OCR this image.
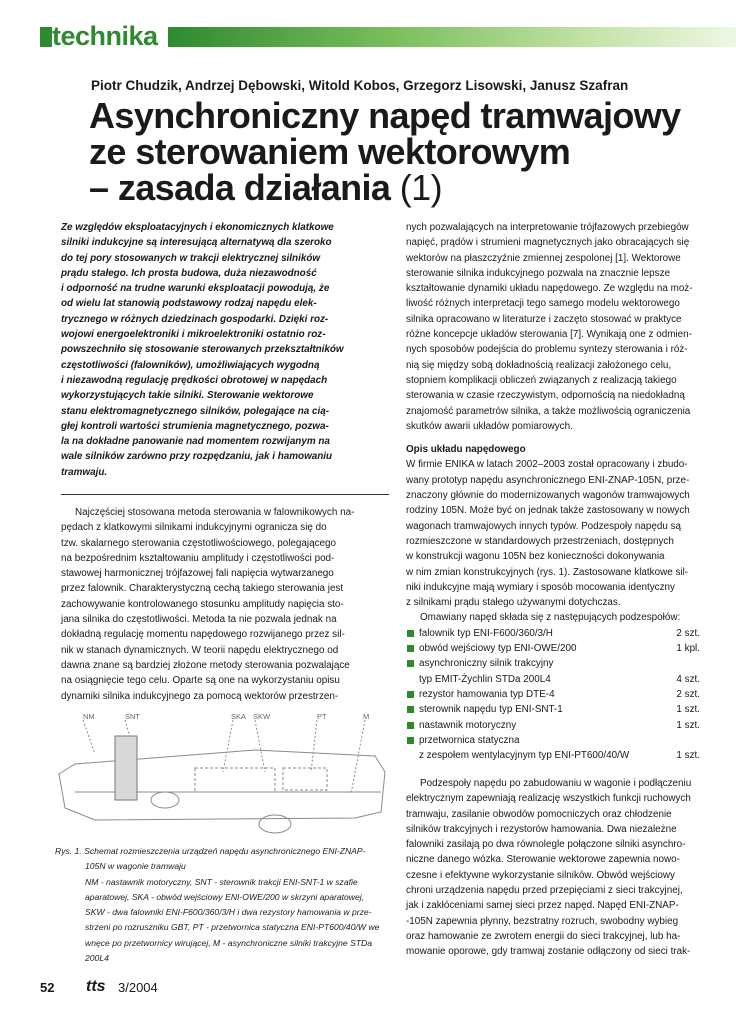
technika
Piotr Chudzik, Andrzej Dębowski, Witold Kobos, Grzegorz Lisowski, Janusz Szafran
Asynchroniczny napęd tramwajowy
ze sterowaniem wektorowym
– zasada działania (1)
Ze względów eksploatacyjnych i ekonomicznych klatkowe
silniki indukcyjne są interesującą alternatywą dla szeroko
do tej pory stosowanych w trakcji elektrycznej silników
prądu stałego. Ich prosta budowa, duża niezawodność
i odporność na trudne warunki eksploatacji powodują, że
od wielu lat stanowią podstawowy rodzaj napędu elek-
trycznego w różnych dziedzinach gospodarki. Dzięki roz-
wojowi energoelektroniki i mikroelektroniki ostatnio roz-
powszechniło się stosowanie sterowanych przekształtników
częstotliwości (falowników), umożliwiających wygodną
i niezawodną regulację prędkości obrotowej w napędach
wykorzystujących takie silniki. Sterowanie wektorowe
stanu elektromagnetycznego silników, polegające na cią-
głej kontroli wartości strumienia magnetycznego, pozwa-
la na dokładne panowanie nad momentem rozwijanym na
wale silników zarówno przy rozpędzaniu, jak i hamowaniu
tramwaju.
Najczęściej stosowana metoda sterowania w falownikowych na-
pędach z klatkowymi silnikami indukcyjnymi ogranicza się do
tzw. skalarnego sterowania częstotliwościowego, polegającego
na bezpośrednim kształtowaniu amplitudy i częstotliwości pod-
stawowej harmonicznej trójfazowej fali napięcia wytwarzanego
przez falownik. Charakterystyczną cechą takiego sterowania jest
zachowywanie kontrolowanego stosunku amplitudy napięcia sto-
jana silnika do częstotliwości. Metoda ta nie pozwala jednak na
dokładną regulację momentu napędowego rozwijanego przez sil-
nik w stanach dynamicznych. W teorii napędu elektrycznego od
dawna znane są bardziej złożone metody sterowania pozwalające
na osiągnięcie tego celu. Oparte są one na wykorzystaniu opisu
dynamiki silnika indukcyjnego za pomocą wektorów przestrzen-
NM	SNT	SKA SKW	PT	M
Rys. 1. Schemat rozmieszczenia urządzeń napędu asynchronicznego ENI-ZNAP-
105N w wagonie tramwaju
NM - nastawnik motoryczny, SNT - sterownik trakcji ENI-SNT-1 w szafie
aparatowej, SKA - obwód wejściowy ENI-OWE/200 w skrzyni aparatowej,
SKW - dwa falowniki ENI-F600/360/3/H i dwa rezystory hamowania w prze-
strzeni po rozruszniku GBT, PT - przetwornica statyczna ENI-PT600/40/W we
wnęce po przetwornicy wirującej, M - asynchroniczne silniki trakcyjne STDa
200L4
nych pozwalających na interpretowanie trójfazowych przebiegów
napięć, prądów i strumieni magnetycznych jako obracających się
wektorów na płaszczyźnie zmiennej zespolonej [1]. Wektorowe
sterowanie silnika indukcyjnego pozwala na znacznie lepsze
kształtowanie dynamiki układu napędowego. Ze względu na moż-
liwość różnych interpretacji tego samego modelu wektorowego
silnika opracowano w literaturze i zaczęto stosować w praktyce
różne koncepcje układów sterowania [7]. Wynikają one z odmien-
nych sposobów podejścia do problemu syntezy sterowania i róż-
nią się między sobą dokładnością realizacji założonego celu,
stopniem komplikacji obliczeń związanych z realizacją takiego
sterowania w czasie rzeczywistym, odpornością na niedokładną
znajomość parametrów silnika, a także możliwością ograniczenia
skutków awarii układów pomiarowych.

Opis układu napędowego

W firmie ENIKA w latach 2002–2003 został opracowany i zbudo-
wany prototyp napędu asynchronicznego ENI-ZNAP-105N, prze-
znaczony głównie do modernizowanych wagonów tramwajowych
rodziny 105N. Może być on jednak także zastosowany w nowych
wagonach tramwajowych innych typów. Podzespoły napędu są
rozmieszczone w standardowych przestrzeniach, dostępnych
w konstrukcji wagonu 105N bez konieczności dokonywania
w nim zmian konstrukcyjnych (rys. 1). Zastosowane klatkowe sil-
niki indukcyjne mają wymiary i sposób mocowania identyczny
z silnikami prądu stałego używanymi dotychczas.
Omawiany napęd składa się z następujących podzespołów:
falownik typ ENI-F600/360/3/H	2 szt.
obwód wejściowy typ ENI-OWE/200	1 kpl.
asynchroniczny silnik trakcyjny
typ EMIT-Żychlin STDa 200L4	4 szt.
rezystor hamowania typ DTE-4	2 szt.
sterownik napędu typ ENI-SNT-1	1 szt.
nastawnik motoryczny	1 szt.
przetwornica statyczna
z zespołem wentylacyjnym typ ENI-PT600/40/W	1 szt.
Podzespoły napędu po zabudowaniu w wagonie i podłączeniu
elektrycznym zapewniają realizację wszystkich funkcji ruchowych
tramwaju, zasilanie obwodów pomocniczych oraz chłodzenie
silników trakcyjnych i rezystorów hamowania. Dwa niezależne
falowniki zasilają po dwa równolegle połączone silniki asynchro-
niczne danego wózka. Sterowanie wektorowe zapewnia nowo-
czesne i efektywne wykorzystanie silników. Obwód wejściowy
chroni urządzenia napędu przed przepięciami z sieci trakcyjnej,
jak i zakłóceniami samej sieci przez napęd. Napęd ENI-ZNAP-
-105N zapewnia płynny, bezstratny rozruch, swobodny wybieg
oraz hamowanie ze zwrotem energii do sieci trakcyjnej, lub ha-
mowanie oporowe, gdy tramwaj zostanie odłączony od sieci trak-
52 tts 3/2004
